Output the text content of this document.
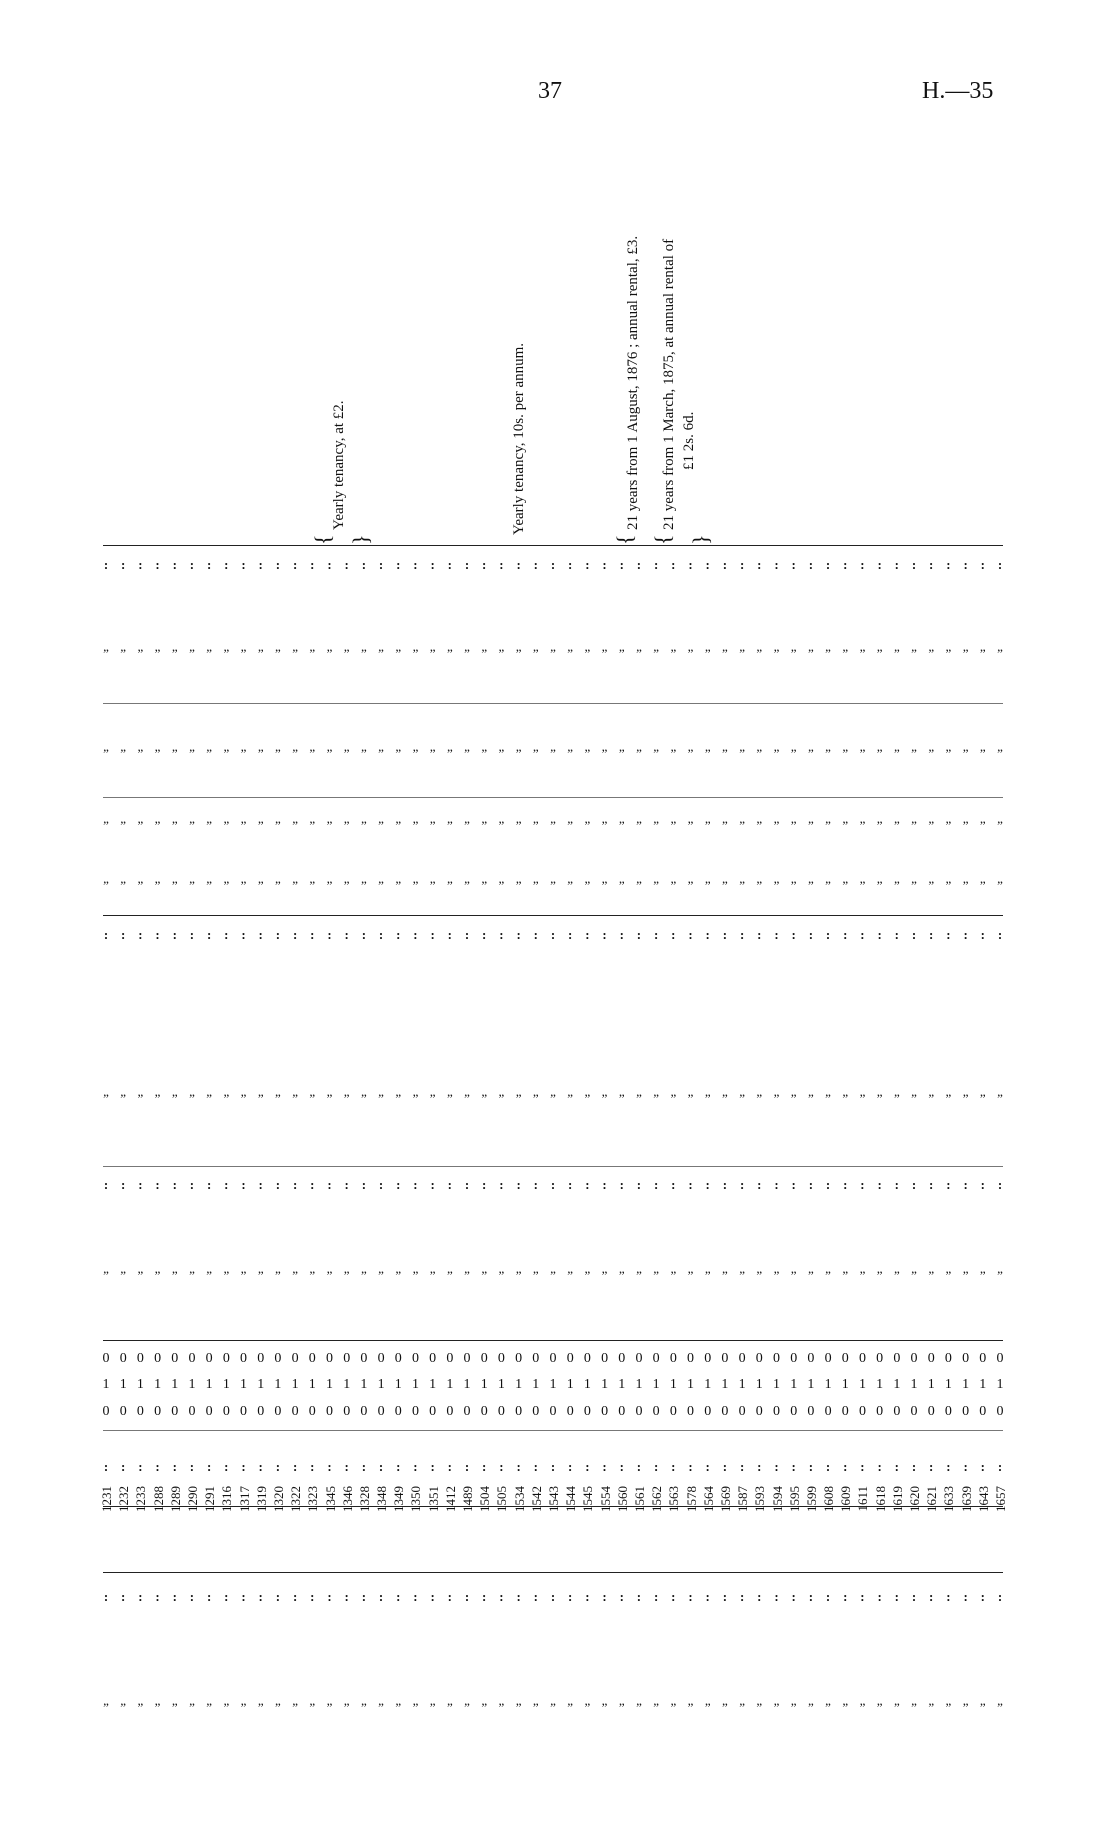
37	H.—35
{
Yearly tenancy, at £2.
}
Yearly tenancy, 10s. per annum.
{
21 years from 1 August, 1876 ; annual rental, £3.
{
21 years from 1 March, 1875, at annual rental of £1 2s. 6d.
}
: : : : : : : : : : : : : : : : : : : : : : : : : : : : : : : : : : : : : : : : : : : : : : : : : : : : :
„ „ „ „ „ „ „ „ „ „ „ „ „ „ „ „ „ „ „ „ „ „ „ „ „ „ „ „ „ „ „ „ „ „ „ „ „ „ „ „ „ „ „ „ „ „ „ „ „ „ „ „ „
„ „ „ „ „ „ „ „ „ „ „ „ „ „ „ „ „ „ „ „ „ „ „ „ „ „ „ „ „ „ „ „ „ „ „ „ „ „ „ „ „ „ „ „ „ „ „ „ „ „ „ „ „
„ „ „ „ „ „ „ „ „ „ „ „ „ „ „ „ „ „ „ „ „ „ „ „ „ „ „ „ „ „ „ „ „ „ „ „ „ „ „ „ „ „ „ „ „ „ „ „ „ „ „ „ „
„ „ „ „ „ „ „ „ „ „ „ „ „ „ „ „ „ „ „ „ „ „ „ „ „ „ „ „ „ „ „ „ „ „ „ „ „ „ „ „ „ „ „ „ „ „ „ „ „ „ „ „ „
: : : : : : : : : : : : : : : : : : : : : : : : : : : : : : : : : : : : : : : : : : : : : : : : : : : : :
„ „ „ „ „ „ „ „ „ „ „ „ „ „ „ „ „ „ „ „ „ „ „ „ „ „ „ „ „ „ „ „ „ „ „ „ „ „ „ „ „ „ „ „ „ „ „ „ „ „ „ „ „
: : : : : : : : : : : : : : : : : : : : : : : : : : : : : : : : : : : : : : : : : : : : : : : : : : : : :
„ „ „ „ „ „ „ „ „ „ „ „ „ „ „ „ „ „ „ „ „ „ „ „ „ „ „ „ „ „ „ „ „ „ „ „ „ „ „ „ „ „ „ „ „ „ „ „ „ „ „ „ „
0 0 0 0 0 0 0 0 0 0 0 0 0 0 0 0 0 0 0 0 0 0 0 0 0 0 0 0 0 0 0 0 0 0 0 0 0 0 0 0 0 0 0 0 0 0 0 0 0 0 0 0 0
1 1 1 1 1 1 1 1 1 1 1 1 1 1 1 1 1 1 1 1 1 1 1 1 1 1 1 1 1 1 1 1 1 1 1 1 1 1 1 1 1 1 1 1 1 1 1 1 1 1 1 1 1
0 0 0 0 0 0 0 0 0 0 0 0 0 0 0 0 0 0 0 0 0 0 0 0 0 0 0 0 0 0 0 0 0 0 0 0 0 0 0 0 0 0 0 0 0 0 0 0 0 0 0 0 0
: : : : : : : : : : : : : : : : : : : : : : : : : : : : : : : : : : : : : : : : : : : : : : : : : : : : :
: : : : : : : : : : : : : : : : : : : : : : : : : : : : : : : : : : : : : : : : : : : : : : : : : : : : :
„ „ „ „ „ „ „ „ „ „ „ „ „ „ „ „ „ „ „ „ „ „ „ „ „ „ „ „ „ „ „ „ „ „ „ „ „ „ „ „ „ „ „ „ „ „ „ „ „ „ „ „ „
1231 1232 1233 1288 1289 1290 1291 1316 1317 1319 1320 1322 1323 1345 1346 1328 1348 1349 1350 1351 1412 1489 1504 1505 1534 1542 1543 1544 1545 1554 1560 1561 1562 1563 1578 1564 1569 1587 1593 1594 1595 1599 1608 1609 1611 1618 1619 1620 1621 1633 1639 1643 1657
